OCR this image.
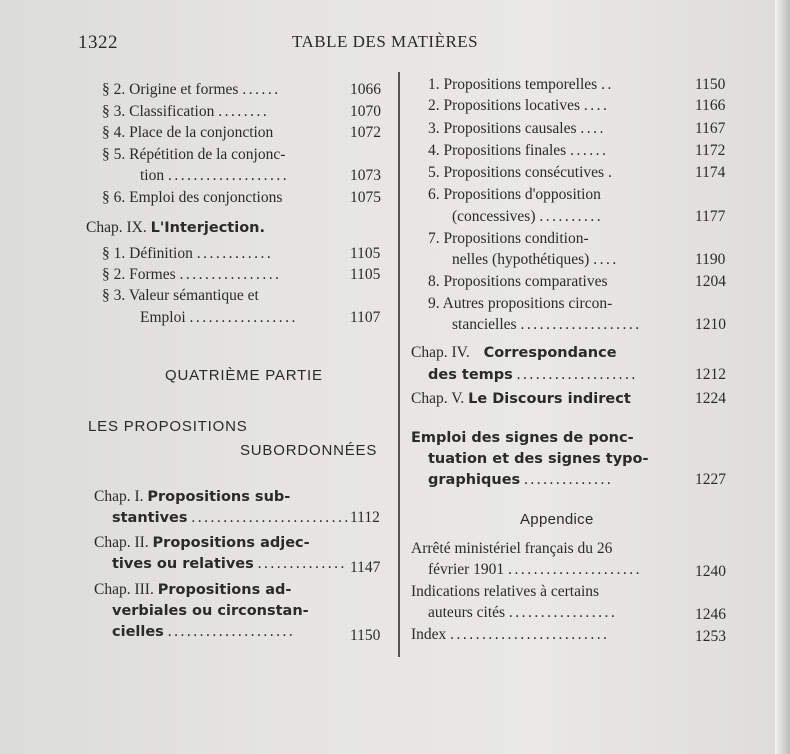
1322	TABLE DES MATIÈRES
§ 2. Origine et formes ......	1066
§ 3. Classification ........	1070
§ 4. Place de la conjonction	1072
§ 5. Répétition de la conjonc-
tion ...................	1073
§ 6. Emploi des conjonctions	1075
Chap. IX. L'Interjection.
§ 1. Définition ............	1105
§ 2. Formes ................	1105
§ 3. Valeur sémantique et
Emploi .................	1107
QUATRIÈME PARTIE
LES PROPOSITIONS
SUBORDONNÉES
Chap. I. Propositions sub-
stantives ......................... 1112
Chap. II. Propositions adjec-
tives ou relatives .............. 1147
Chap. III. Propositions ad-
verbiales ou circonstan-
cielles ....................	1150
1. Propositions temporelles ..	1150
2. Propositions locatives ....	1166
3. Propositions causales ....	1167
4. Propositions finales ......	1172
5. Propositions consécutives .	1174
6. Propositions d'opposition
(concessives) ..........	1177
7. Propositions condition-
nelles (hypothétiques) ....	1190
8. Propositions comparatives	1204
9. Autres propositions circon-
stancielles ...................	1210
Chap. IV. Correspondance
des temps ...................	1212
Chap. V. Le Discours indirect	1224
Emploi des signes de ponc-
tuation et des signes typo-
graphiques ..............	1227
Appendice
Arrêté ministériel français du 26
février 1901 .....................	1240
Indications relatives à certains
auteurs cités .................	1246
Index .........................	1253
